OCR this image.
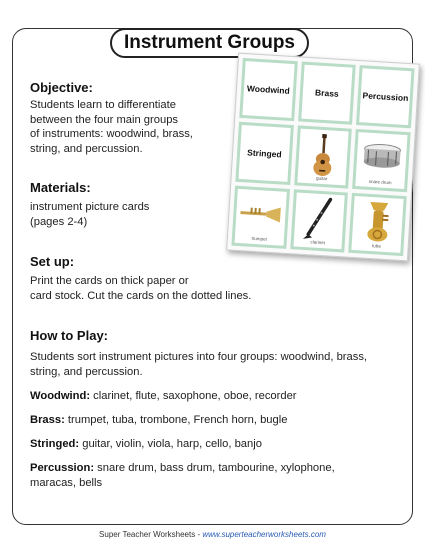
Instrument Groups
Objective:
Students learn to differentiate
between the four main groups
of instruments: woodwind, brass,
string, and percussion.
Materials:
instrument picture cards
(pages 2-4)
Set up:
Print the cards on thick paper or
card stock. Cut the cards on the dotted lines.
How to Play:
Students sort instrument pictures into four groups: woodwind, brass,
string, and percussion.
Woodwind: clarinet, flute, saxophone, oboe, recorder
Brass: trumpet, tuba, trombone, French horn, bugle
Stringed: guitar, violin, viola, harp, cello, banjo
Percussion: snare drum, bass drum, tambourine, xylophone,
maracas, bells
Woodwind	Brass	Percussion
Stringed
guitar
snare drum
trumpet
clarinet
tuba
Super Teacher Worksheets - www.superteacherworksheets.com
